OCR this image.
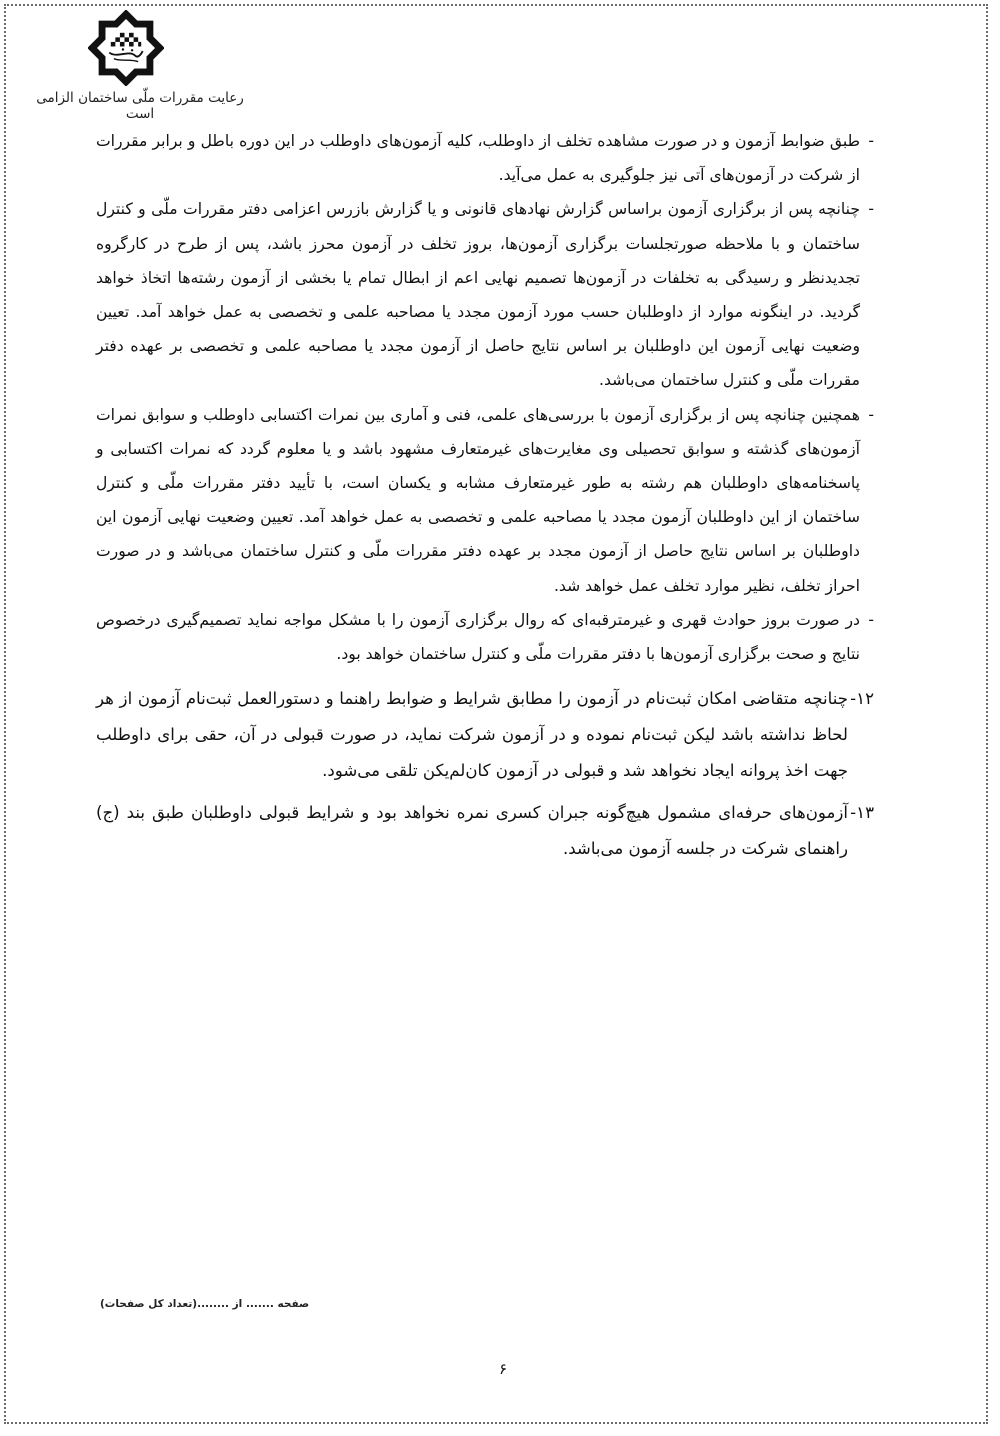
رعایت مقررات ملّی ساختمان الزامی است

-
طبق ضوابط آزمون و در صورت مشاهده تخلف از داوطلب، کلیه آزمون‌های داوطلب در این دوره باطل و برابر مقررات از شرکت در آزمون‌های آتی نیز جلوگیری به عمل می‌آید.

-
چنانچه پس از برگزاری آزمون براساس گزارش نهادهای قانونی و یا گزارش بازرس اعزامی دفتر مقررات ملّی و کنترل ساختمان و با ملاحظه صورتجلسات برگزاری آزمون‌ها، بروز تخلف در آزمون محرز باشد، پس از طرح در کارگروه تجدیدنظر و رسیدگی به تخلفات در آزمون‌ها تصمیم نهایی اعم از ابطال تمام یا بخشی از آزمون رشته‌ها اتخاذ خواهد گردید. در اینگونه موارد از داوطلبان حسب مورد آزمون مجدد یا مصاحبه علمی و تخصصی به عمل خواهد آمد. تعیین وضعیت نهایی آزمون این داوطلبان بر اساس نتایج حاصل از آزمون مجدد یا مصاحبه علمی و تخصصی بر عهده دفتر مقررات ملّی و کنترل ساختمان می‌باشد.

-
همچنین چنانچه پس از برگزاری آزمون با بررسی‌های علمی، فنی و آماری بین نمرات اکتسابی داوطلب و سوابق نمرات آزمون‌های گذشته و سوابق تحصیلی وی مغایرت‌های غیرمتعارف مشهود باشد و یا معلوم گردد که نمرات اکتسابی و پاسخنامه‌های داوطلبان هم رشته به طور غیرمتعارف مشابه و یکسان است، با تأیید دفتر مقررات ملّی و کنترل ساختمان از این داوطلبان آزمون مجدد یا مصاحبه علمی و تخصصی به عمل خواهد آمد. تعیین وضعیت نهایی آزمون این داوطلبان بر اساس نتایج حاصل از آزمون مجدد بر عهده دفتر مقررات ملّی و کنترل ساختمان می‌باشد و در صورت احراز تخلف، نظیر موارد تخلف عمل خواهد شد.

-
در صورت بروز حوادث قهری و غیرمترقبه‌ای که روال برگزاری آزمون را با مشکل مواجه نماید تصمیم‌گیری درخصوص نتایج و صحت برگزاری آزمون‌ها با دفتر مقررات ملّی و کنترل ساختمان خواهد بود.

۱۲-
چنانچه متقاضی امکان ثبت‌نام در آزمون را مطابق شرایط و ضوابط راهنما و دستورالعمل ثبت‌نام آزمون از هر لحاظ نداشته باشد لیکن ثبت‌نام نموده و در آزمون شرکت نماید، در صورت قبولی در آن، حقی برای داوطلب جهت اخذ پروانه ایجاد نخواهد شد و قبولی در آزمون کان‌لم‌یکن تلقی می‌شود.

۱۳-
آزمون‌های حرفه‌ای مشمول هیچ‌گونه جبران کسری نمره نخواهد بود و شرایط قبولی داوطلبان طبق بند (ج) راهنمای شرکت در جلسه آزمون می‌باشد.

صفحه ....... از ........(تعداد کل صفحات)
۶
